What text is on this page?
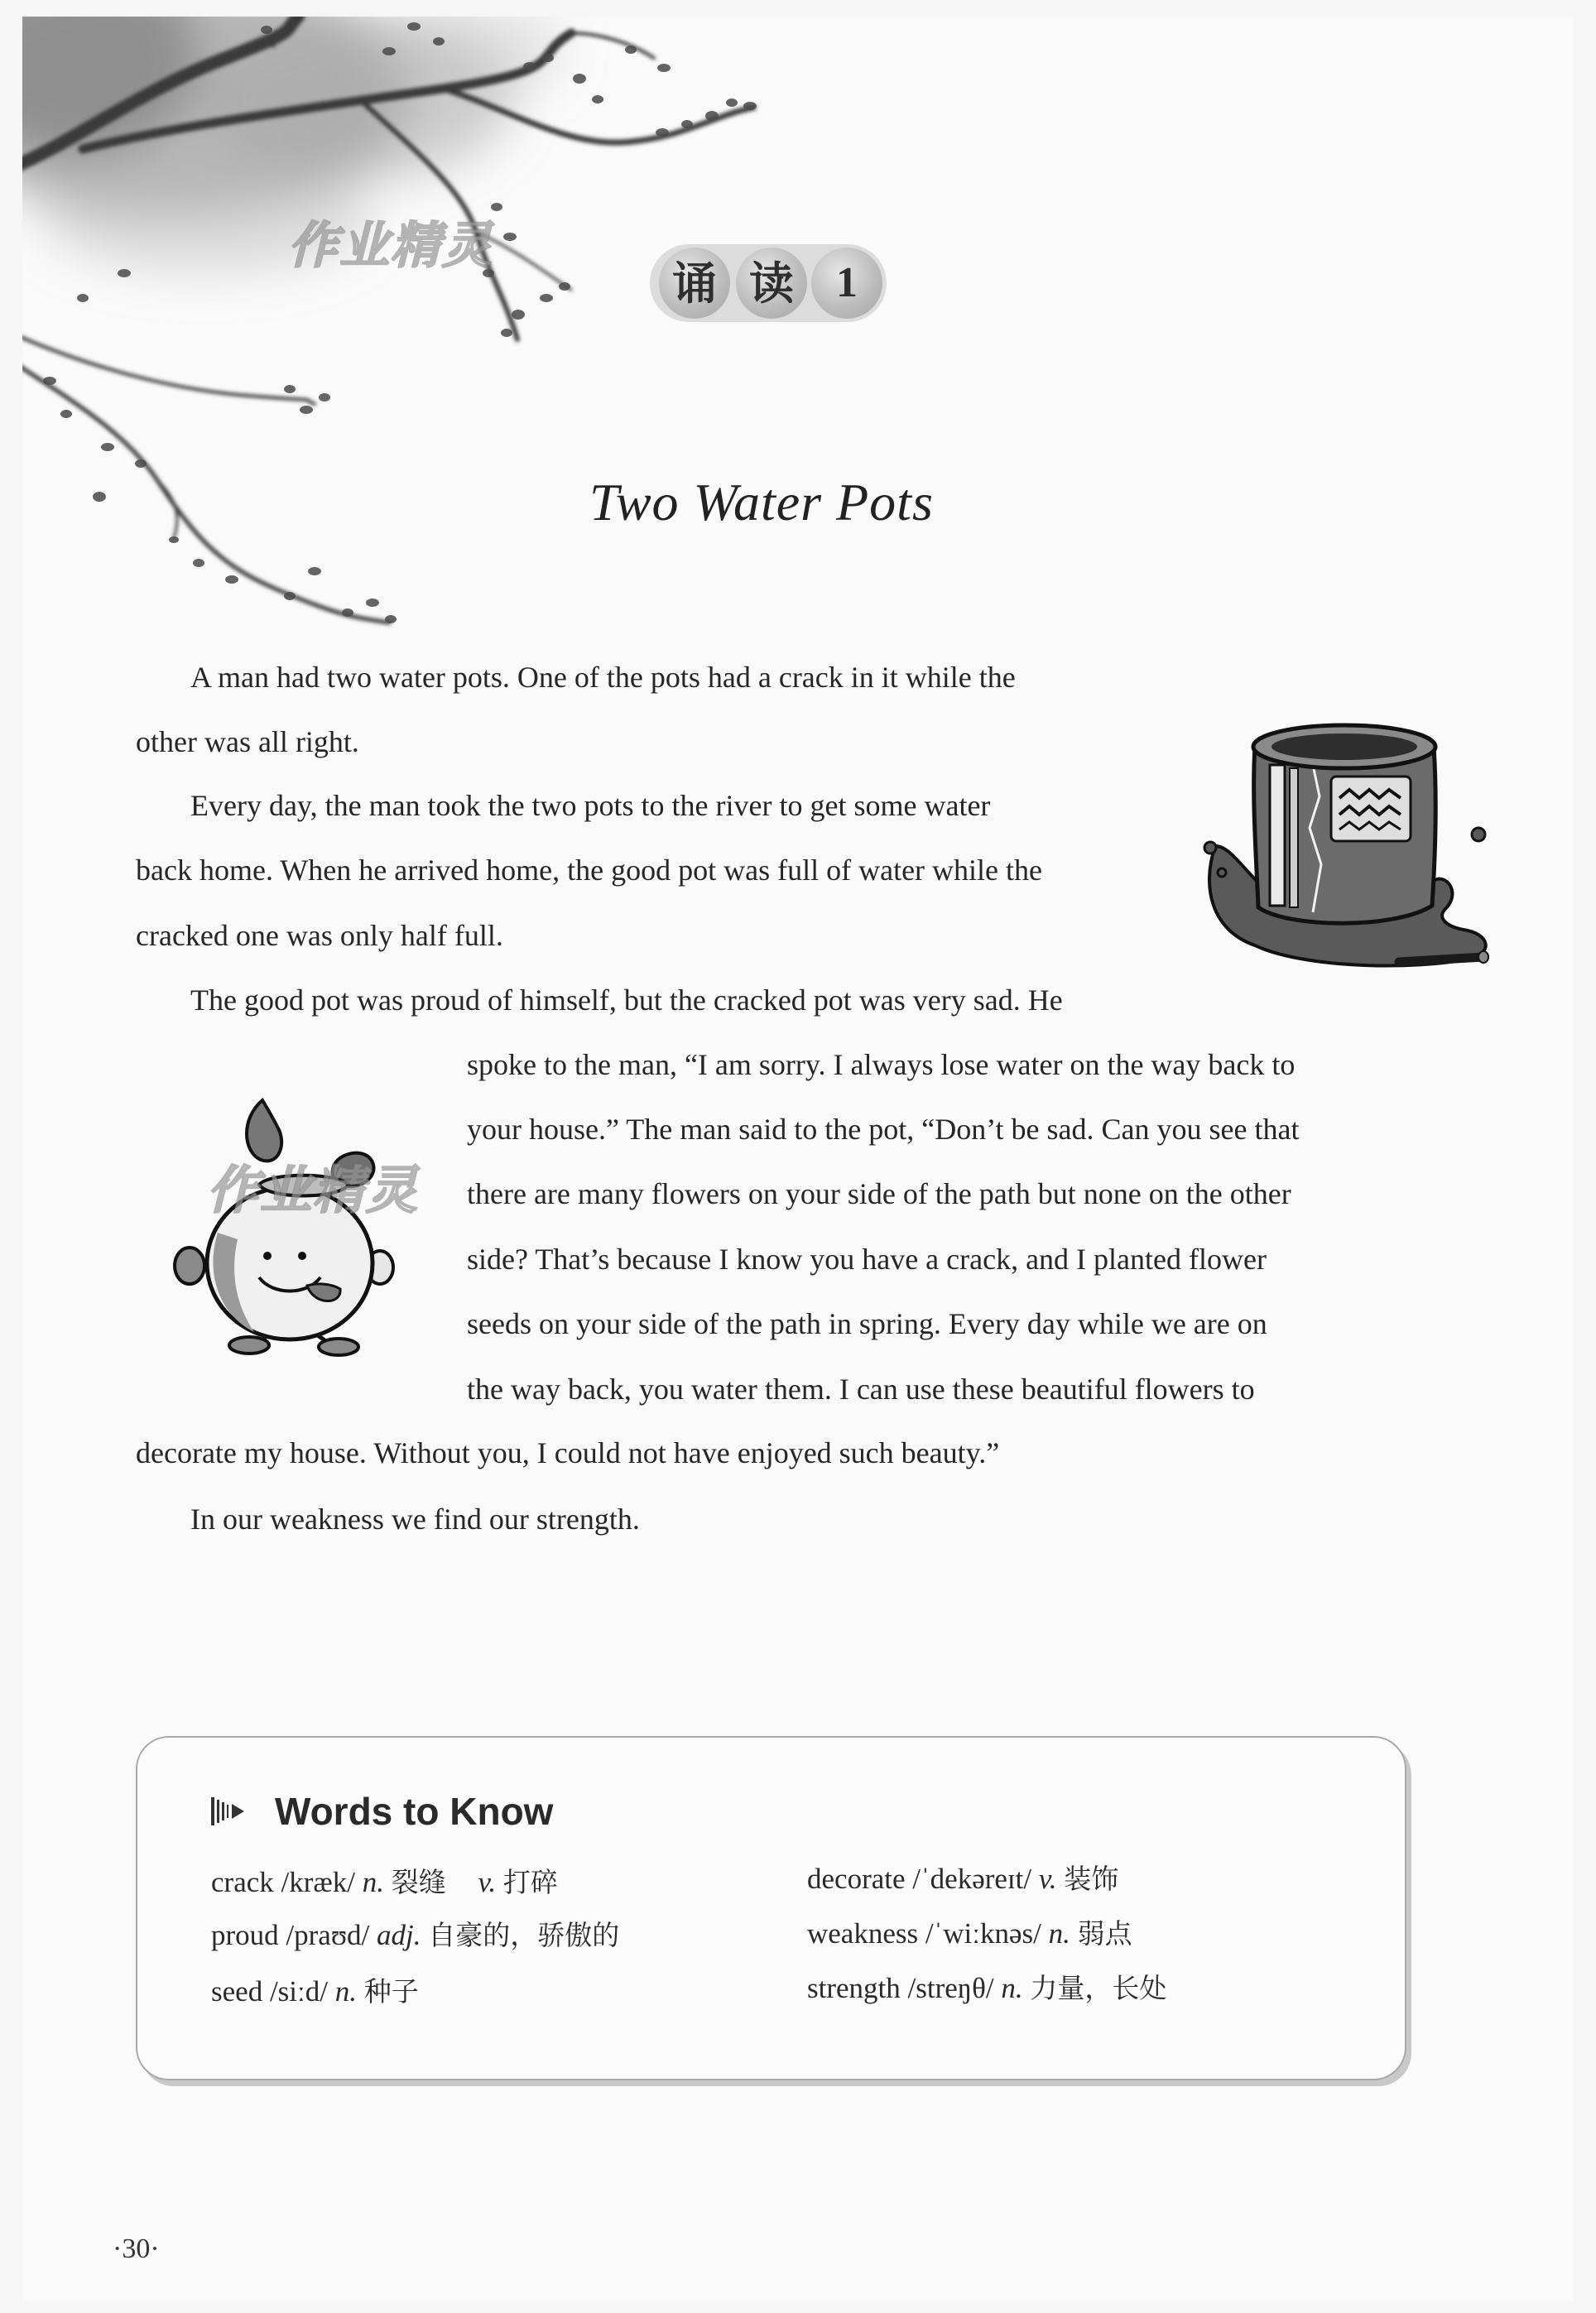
作业精灵
诵 读 1
Two Water Pots
A man had two water pots. One of the pots had a crack in it while the
other was all right.
Every day, the man took the two pots to the river to get some water
back home. When he arrived home, the good pot was full of water while the
cracked one was only half full.
The good pot was proud of himself, but the cracked pot was very sad. He
spoke to the man, “I am sorry. I always lose water on the way back to
your house.” The man said to the pot, “Don’t be sad. Can you see that
there are many flowers on your side of the path but none on the other
side? That’s because I know you have a crack, and I planted flower
seeds on your side of the path in spring. Every day while we are on
the way back, you water them. I can use these beautiful flowers to
decorate my house. Without you, I could not have enjoyed such beauty.”
In our weakness we find our strength.
作业精灵
Words to Know
crack /kræk/ n. 裂缝 v. 打碎
proud /praʊd/ adj. 自豪的，骄傲的
seed /siːd/ n. 种子
decorate /ˈdekəreɪt/ v. 装饰
weakness /ˈwiːknəs/ n. 弱点
strength /streŋθ/ n. 力量，长处
·30·
